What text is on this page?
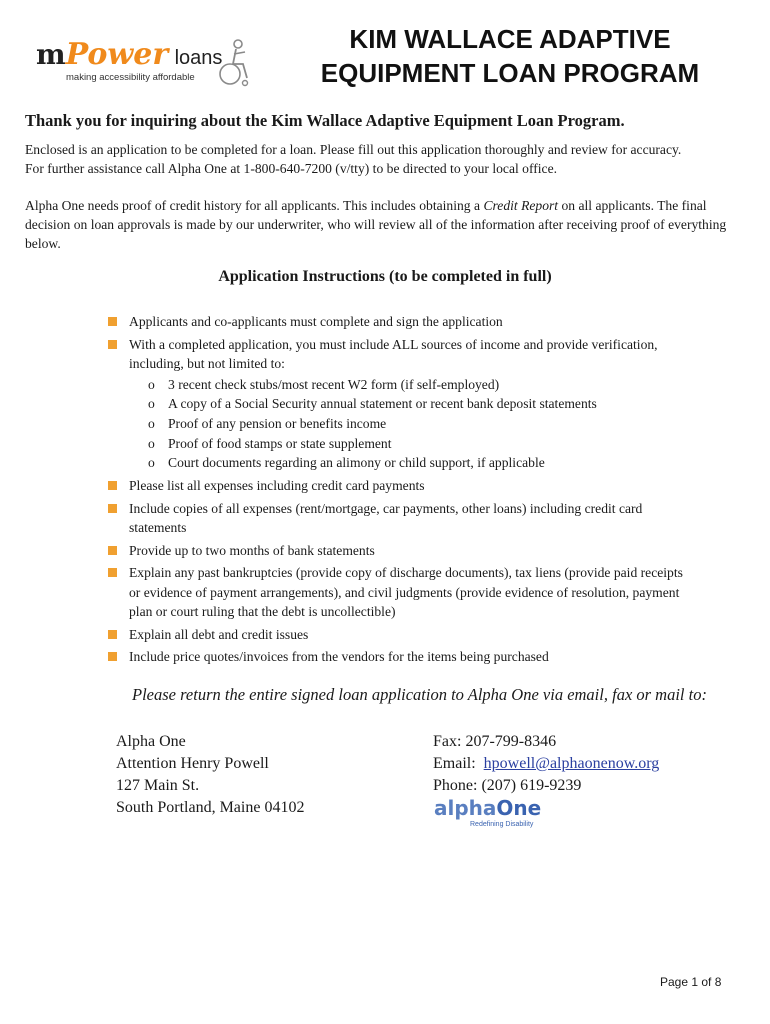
mPower loans
making accessibility affordable
KIM WALLACE ADAPTIVE
EQUIPMENT LOAN PROGRAM
Thank you for inquiring about the Kim Wallace Adaptive Equipment Loan Program.
Enclosed is an application to be completed for a loan. Please fill out this application thoroughly and review for accuracy.
For further assistance call Alpha One at 1-800-640-7200 (v/tty) to be directed to your local office.
Alpha One needs proof of credit history for all applicants. This includes obtaining a Credit Report on all applicants. The final decision on loan approvals is made by our underwriter, who will review all of the information after receiving proof of everything below.
Application Instructions (to be completed in full)
Applicants and co-applicants must complete and sign the application
With a completed application, you must include ALL sources of income and provide verification, including, but not limited to:
o 3 recent check stubs/most recent W2 form (if self-employed)
o A copy of a Social Security annual statement or recent bank deposit statements
o Proof of any pension or benefits income
o Proof of food stamps or state supplement
o Court documents regarding an alimony or child support, if applicable
Please list all expenses including credit card payments
Include copies of all expenses (rent/mortgage, car payments, other loans) including credit card statements
Provide up to two months of bank statements
Explain any past bankruptcies (provide copy of discharge documents), tax liens (provide paid receipts or evidence of payment arrangements), and civil judgments (provide evidence of resolution, payment plan or court ruling that the debt is uncollectible)
Explain all debt and credit issues
Include price quotes/invoices from the vendors for the items being purchased
Please return the entire signed loan application to Alpha One via email, fax or mail to:
Alpha One
Attention Henry Powell
127 Main St.
South Portland, Maine 04102
Fax: 207-799-8346
Email: hpowell@alphaonenow.org
Phone: (207) 619-9239
alphaOne
Redefining Disability
Page 1 of 8
